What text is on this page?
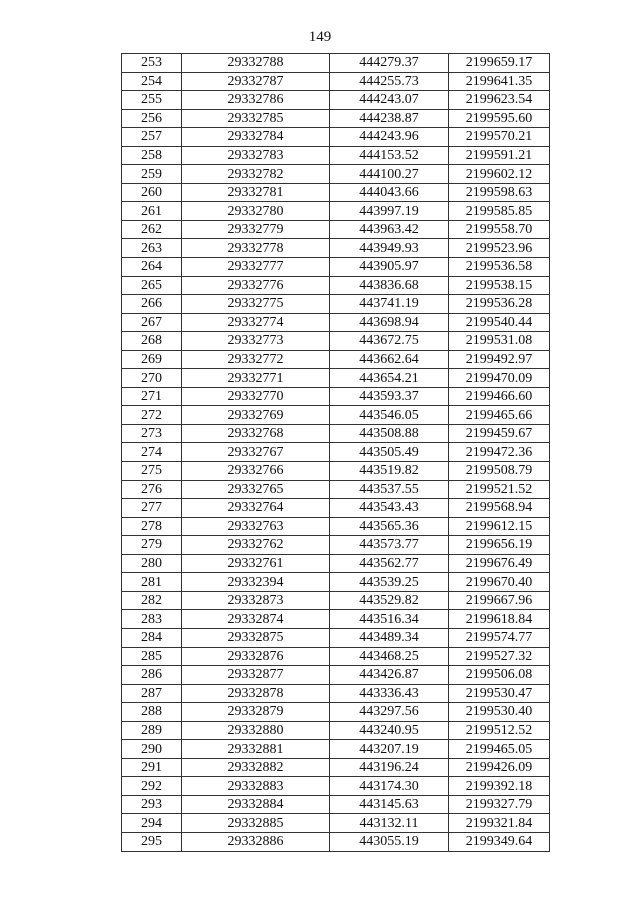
149
253	29332788	444279.37	2199659.17
254	29332787	444255.73	2199641.35
255	29332786	444243.07	2199623.54
256	29332785	444238.87	2199595.60
257	29332784	444243.96	2199570.21
258	29332783	444153.52	2199591.21
259	29332782	444100.27	2199602.12
260	29332781	444043.66	2199598.63
261	29332780	443997.19	2199585.85
262	29332779	443963.42	2199558.70
263	29332778	443949.93	2199523.96
264	29332777	443905.97	2199536.58
265	29332776	443836.68	2199538.15
266	29332775	443741.19	2199536.28
267	29332774	443698.94	2199540.44
268	29332773	443672.75	2199531.08
269	29332772	443662.64	2199492.97
270	29332771	443654.21	2199470.09
271	29332770	443593.37	2199466.60
272	29332769	443546.05	2199465.66
273	29332768	443508.88	2199459.67
274	29332767	443505.49	2199472.36
275	29332766	443519.82	2199508.79
276	29332765	443537.55	2199521.52
277	29332764	443543.43	2199568.94
278	29332763	443565.36	2199612.15
279	29332762	443573.77	2199656.19
280	29332761	443562.77	2199676.49
281	29332394	443539.25	2199670.40
282	29332873	443529.82	2199667.96
283	29332874	443516.34	2199618.84
284	29332875	443489.34	2199574.77
285	29332876	443468.25	2199527.32
286	29332877	443426.87	2199506.08
287	29332878	443336.43	2199530.47
288	29332879	443297.56	2199530.40
289	29332880	443240.95	2199512.52
290	29332881	443207.19	2199465.05
291	29332882	443196.24	2199426.09
292	29332883	443174.30	2199392.18
293	29332884	443145.63	2199327.79
294	29332885	443132.11	2199321.84
295	29332886	443055.19	2199349.64
